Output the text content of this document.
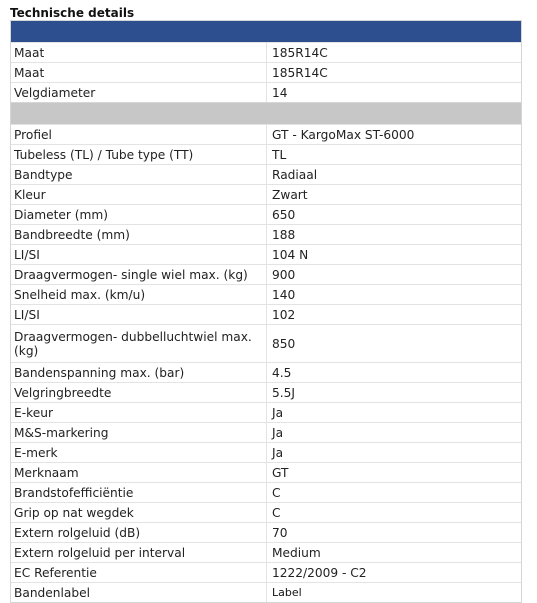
Technische details
Maat	185R14C
Maat	185R14C
Velgdiameter	14
Profiel	GT - KargoMax ST-6000
Tubeless (TL) / Tube type (TT)	TL
Bandtype	Radiaal
Kleur	Zwart
Diameter (mm)	650
Bandbreedte (mm)	188
LI/SI	104 N
Draagvermogen- single wiel max. (kg)	900
Snelheid max. (km/u)	140
LI/SI	102
Draagvermogen- dubbelluchtwiel max. (kg)	850
Bandenspanning max. (bar)	4.5
Velgringbreedte	5.5J
E-keur	Ja
M&S-markering	Ja
E-merk	Ja
Merknaam	GT
Brandstofefficiëntie	C
Grip op nat wegdek	C
Extern rolgeluid (dB)	70
Extern rolgeluid per interval	Medium
EC Referentie	1222/2009 - C2
Bandenlabel	Label
